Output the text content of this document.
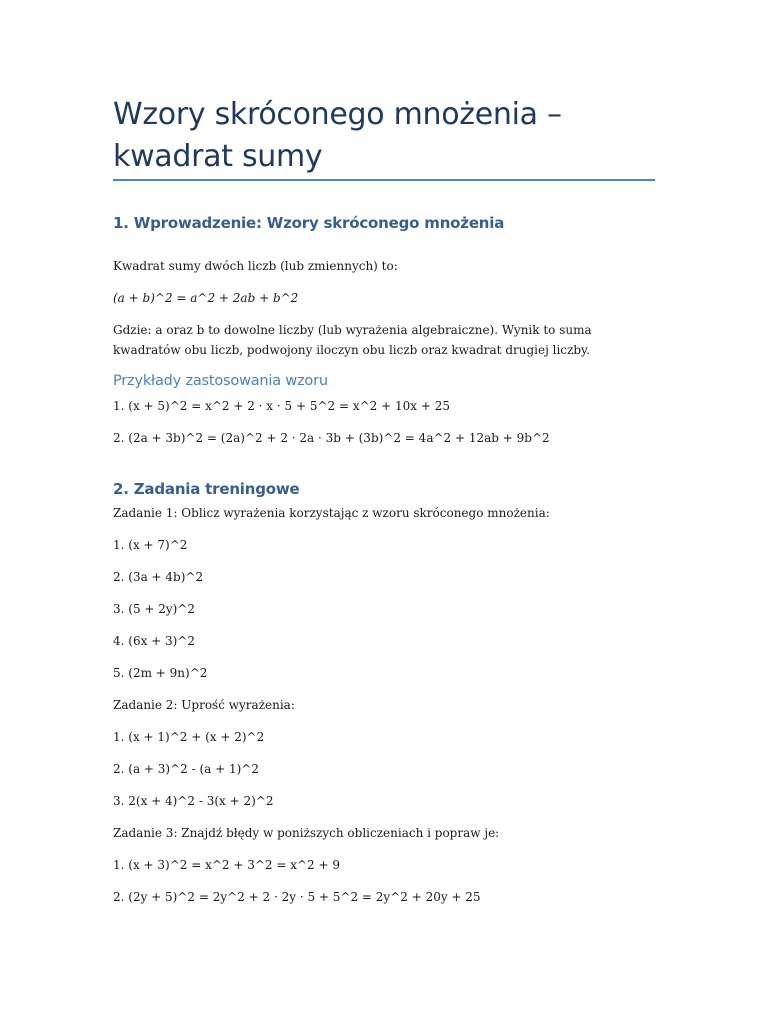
Wzory skróconego mnożenia – kwadrat sumy
1. Wprowadzenie: Wzory skróconego mnożenia

Kwadrat sumy dwóch liczb (lub zmiennych) to:

(a + b)^2 = a^2 + 2ab + b^2

Gdzie: a oraz b to dowolne liczby (lub wyrażenia algebraiczne). Wynik to suma kwadratów obu liczb, podwojony iloczyn obu liczb oraz kwadrat drugiej liczby.

Przykłady zastosowania wzoru

1. (x + 5)^2 = x^2 + 2 · x · 5 + 5^2 = x^2 + 10x + 25

2. (2a + 3b)^2 = (2a)^2 + 2 · 2a · 3b + (3b)^2 = 4a^2 + 12ab + 9b^2

2. Zadania treningowe

Zadanie 1: Oblicz wyrażenia korzystając z wzoru skróconego mnożenia:

1. (x + 7)^2

2. (3a + 4b)^2

3. (5 + 2y)^2

4. (6x + 3)^2

5. (2m + 9n)^2

Zadanie 2: Uprość wyrażenia:

1. (x + 1)^2 + (x + 2)^2

2. (a + 3)^2 - (a + 1)^2

3. 2(x + 4)^2 - 3(x + 2)^2

Zadanie 3: Znajdź błędy w poniższych obliczeniach i popraw je:

1. (x + 3)^2 = x^2 + 3^2 = x^2 + 9

2. (2y + 5)^2 = 2y^2 + 2 · 2y · 5 + 5^2 = 2y^2 + 20y + 25
